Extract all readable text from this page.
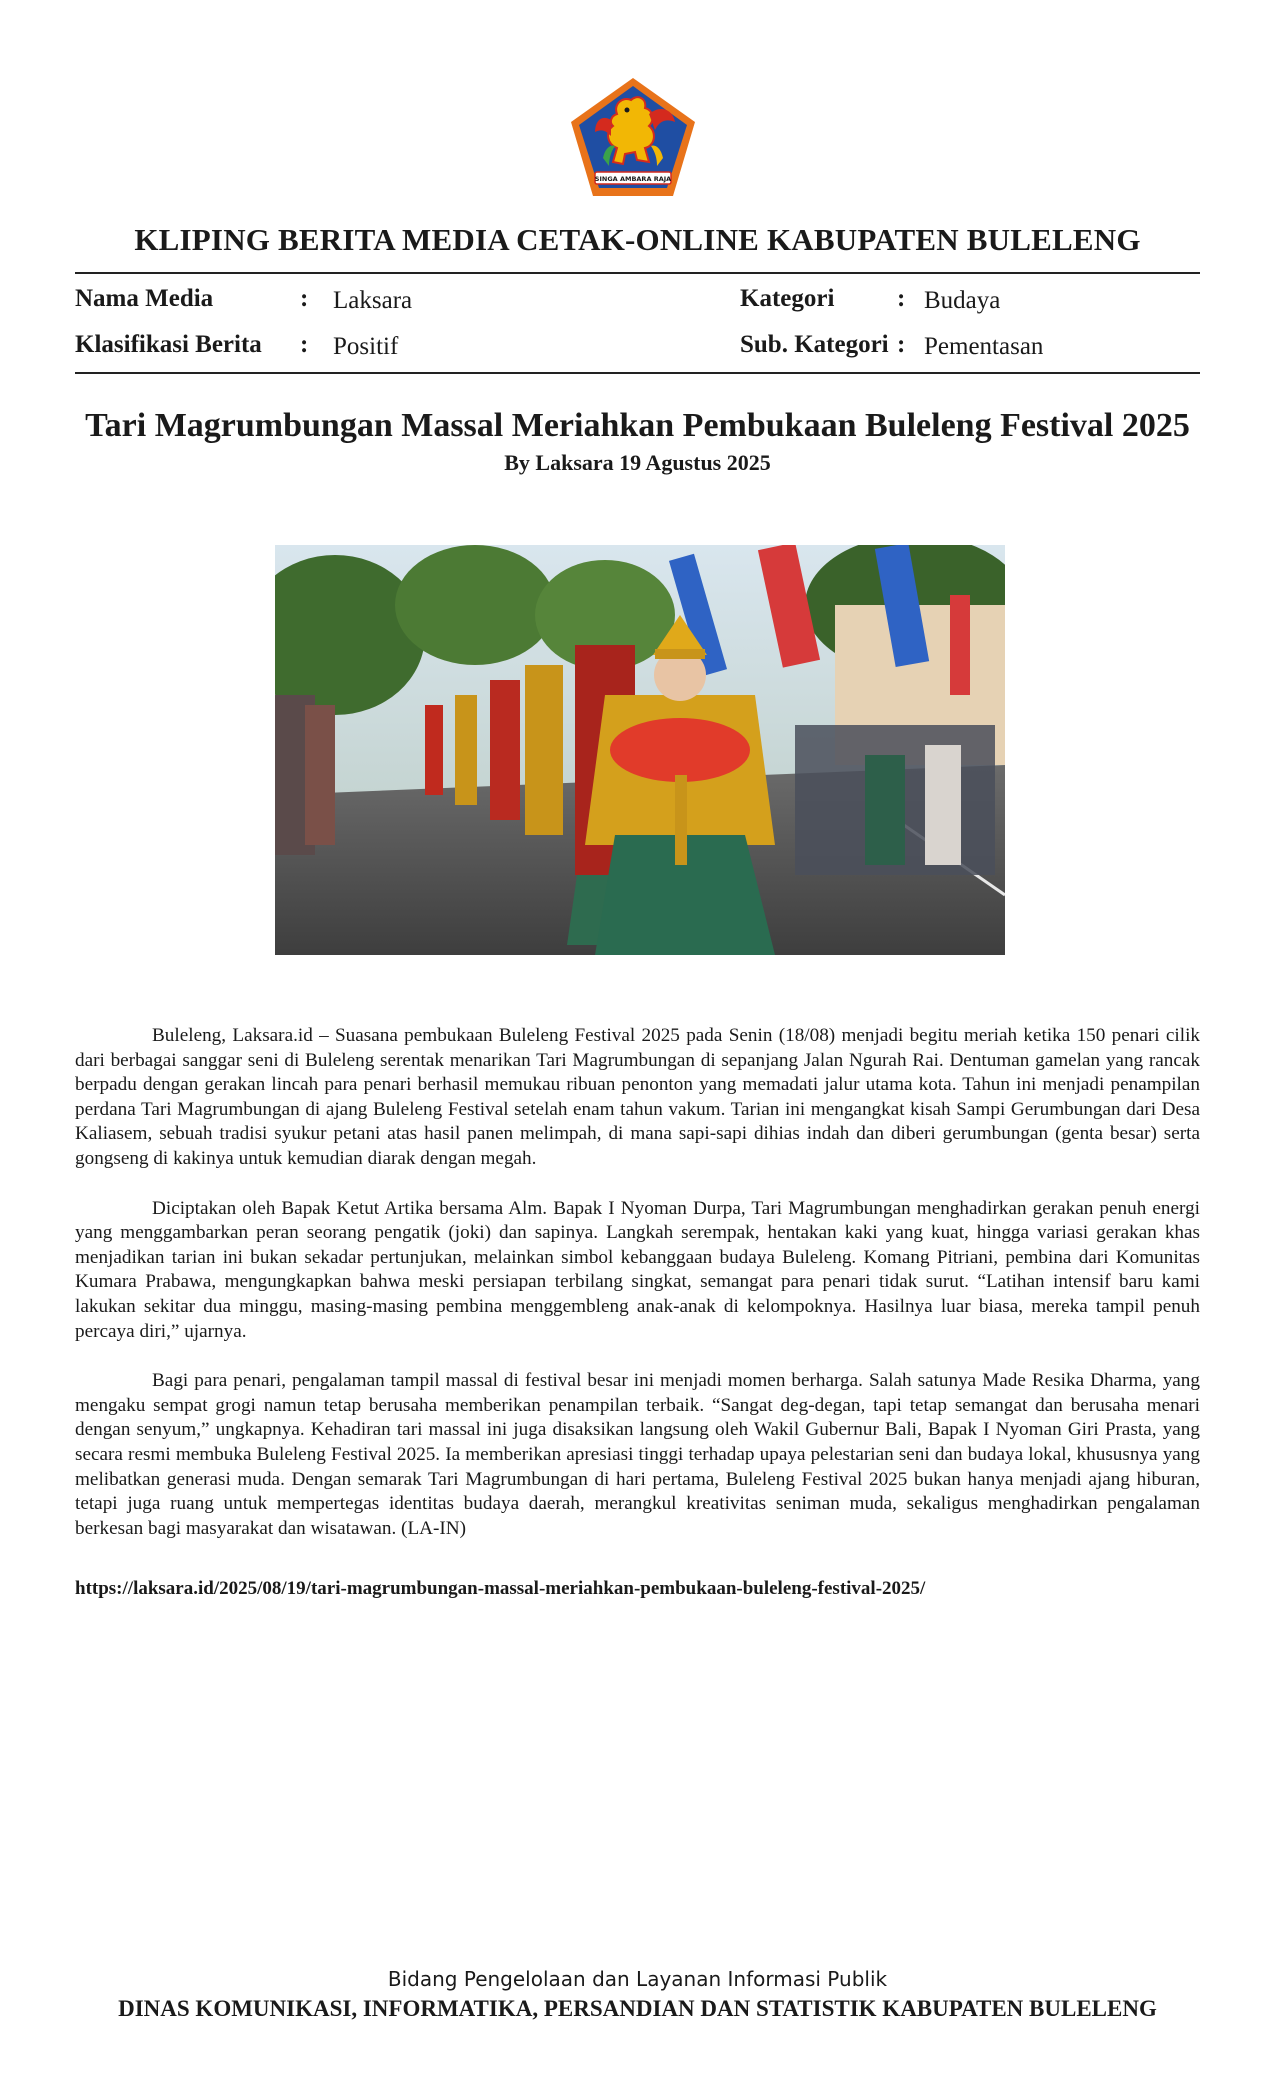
SINGA AMBARA RAJA
KLIPING BERITA MEDIA CETAK-ONLINE KABUPATEN BULELENG
Nama Media	: Laksara
Klasifikasi Berita : Positif
Kategori	: Budaya
Sub. Kategori : Pementasan
Tari Magrumbungan Massal Meriahkan Pembukaan Buleleng Festival 2025
By Laksara 19 Agustus 2025

Buleleng, Laksara.id – Suasana pembukaan Buleleng Festival 2025 pada Senin (18/08) menjadi begitu meriah ketika 150 penari cilik dari berbagai sanggar seni di Buleleng serentak menarikan Tari Magrumbungan di sepanjang Jalan Ngurah Rai. Dentuman gamelan yang rancak berpadu dengan gerakan lincah para penari berhasil memukau ribuan penonton yang memadati jalur utama kota. Tahun ini menjadi penampilan perdana Tari Magrumbungan di ajang Buleleng Festival setelah enam tahun vakum. Tarian ini mengangkat kisah Sampi Gerumbungan dari Desa Kaliasem, sebuah tradisi syukur petani atas hasil panen melimpah, di mana sapi-sapi dihias indah dan diberi gerumbungan (genta besar) serta gongseng di kakinya untuk kemudian diarak dengan megah.

Diciptakan oleh Bapak Ketut Artika bersama Alm. Bapak I Nyoman Durpa, Tari Magrumbungan menghadirkan gerakan penuh energi yang menggambarkan peran seorang pengatik (joki) dan sapinya. Langkah serempak, hentakan kaki yang kuat, hingga variasi gerakan khas menjadikan tarian ini bukan sekadar pertunjukan, melainkan simbol kebanggaan budaya Buleleng. Komang Pitriani, pembina dari Komunitas Kumara Prabawa, mengungkapkan bahwa meski persiapan terbilang singkat, semangat para penari tidak surut. “Latihan intensif baru kami lakukan sekitar dua minggu, masing-masing pembina menggembleng anak-anak di kelompoknya. Hasilnya luar biasa, mereka tampil penuh percaya diri,” ujarnya.

Bagi para penari, pengalaman tampil massal di festival besar ini menjadi momen berharga. Salah satunya Made Resika Dharma, yang mengaku sempat grogi namun tetap berusaha memberikan penampilan terbaik. “Sangat deg-degan, tapi tetap semangat dan berusaha menari dengan senyum,” ungkapnya. Kehadiran tari massal ini juga disaksikan langsung oleh Wakil Gubernur Bali, Bapak I Nyoman Giri Prasta, yang secara resmi membuka Buleleng Festival 2025. Ia memberikan apresiasi tinggi terhadap upaya pelestarian seni dan budaya lokal, khususnya yang melibatkan generasi muda. Dengan semarak Tari Magrumbungan di hari pertama, Buleleng Festival 2025 bukan hanya menjadi ajang hiburan, tetapi juga ruang untuk mempertegas identitas budaya daerah, merangkul kreativitas seniman muda, sekaligus menghadirkan pengalaman berkesan bagi masyarakat dan wisatawan. (LA-IN)

https://laksara.id/2025/08/19/tari-magrumbungan-massal-meriahkan-pembukaan-buleleng-festival-2025/
Bidang Pengelolaan dan Layanan Informasi Publik
DINAS KOMUNIKASI, INFORMATIKA, PERSANDIAN DAN STATISTIK KABUPATEN BULELENG
